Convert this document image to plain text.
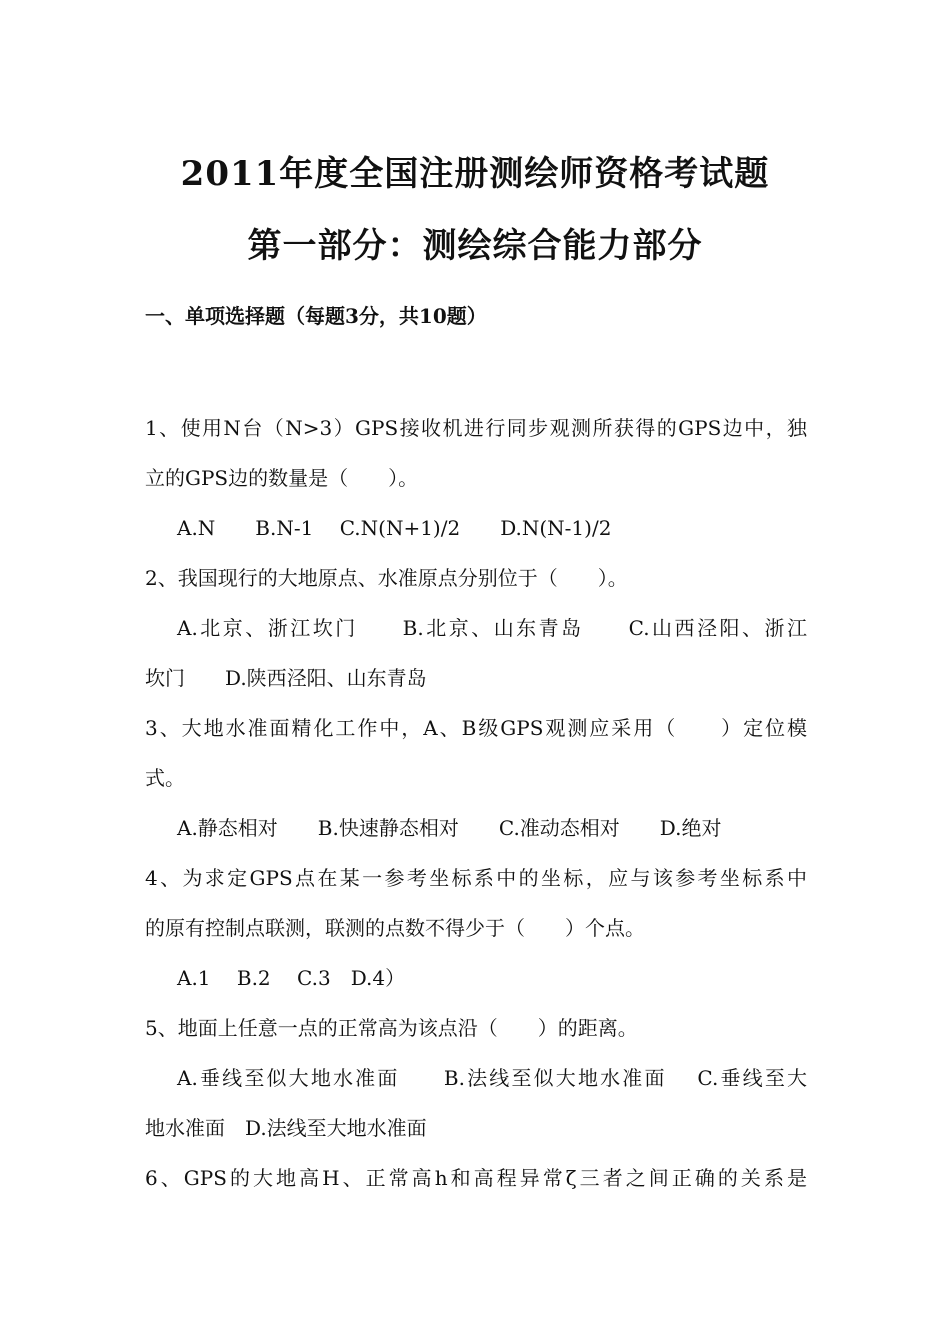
2011年度全国注册测绘师资格考试题
第一部分：测绘综合能力部分
一、单项选择题（每题3分，共10题）
1、使用N台（N>3）GPS接收机进行同步观测所获得的GPS边中，独
立的GPS边的数量是（　　）。
A.N　　B.N-1　 C.N(N+1)/2　　D.N(N-1)/2
2、我国现行的大地原点、水准原点分别位于（　　）。
A.北京、浙江坎门　　B.北京、山东青岛　　C.山西泾阳、浙江
坎门　　D.陕西泾阳、山东青岛
3、大地水准面精化工作中，A、B级GPS观测应采用（　　）定位模
式。
A.静态相对　　B.快速静态相对　　C.准动态相对　　D.绝对
4、为求定GPS点在某一参考坐标系中的坐标，应与该参考坐标系中
的原有控制点联测，联测的点数不得少于（　　）个点。
A.1　 B.2　 C.3　D.4）
5、地面上任意一点的正常高为该点沿（　　）的距离。
A.垂线至似大地水准面　　B.法线至似大地水准面　 C.垂线至大
地水准面　D.法线至大地水准面
6、GPS的大地高H、正常高h和高程异常ζ三者之间正确的关系是
